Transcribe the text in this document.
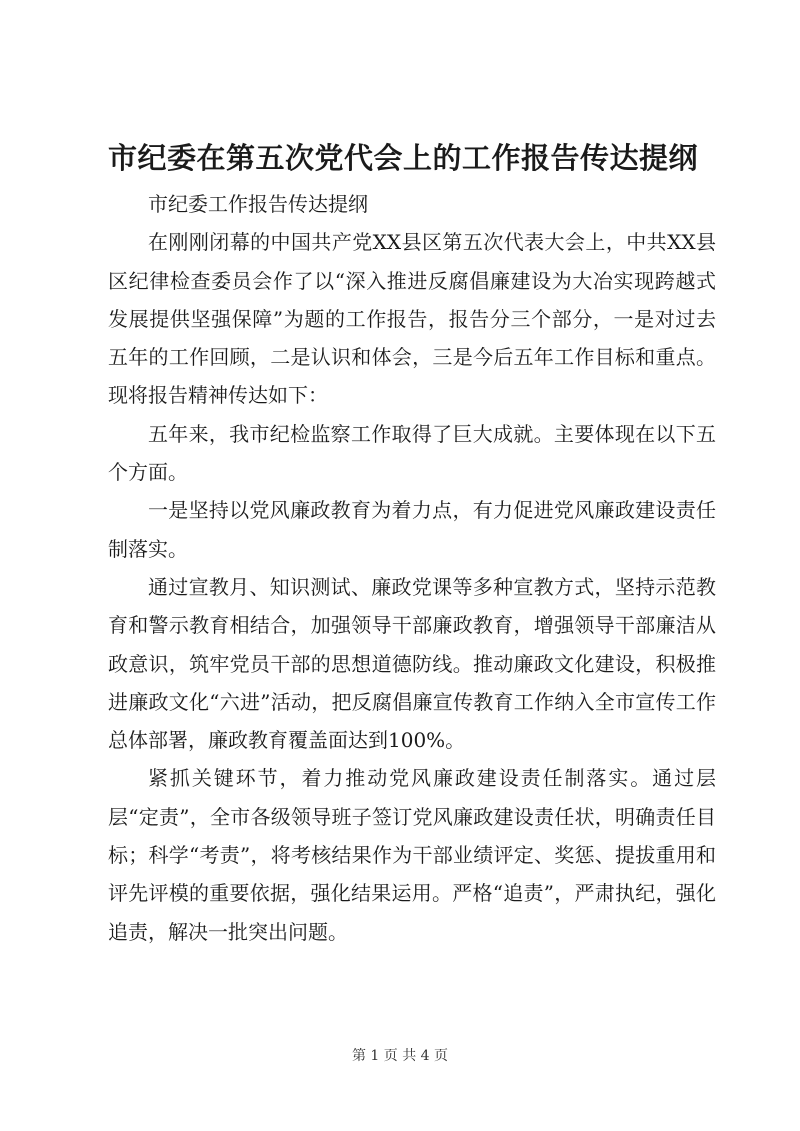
市纪委在第五次党代会上的工作报告传达提纲

市纪委工作报告传达提纲

在刚刚闭幕的中国共产党XX县区第五次代表大会上，中共XX县区纪律检查委员会作了以“深入推进反腐倡廉建设为大冶实现跨越式发展提供坚强保障”为题的工作报告，报告分三个部分，一是对过去五年的工作回顾，二是认识和体会，三是今后五年工作目标和重点。现将报告精神传达如下：

五年来，我市纪检监察工作取得了巨大成就。主要体现在以下五个方面。

一是坚持以党风廉政教育为着力点，有力促进党风廉政建设责任制落实。

通过宣教月、知识测试、廉政党课等多种宣教方式，坚持示范教育和警示教育相结合，加强领导干部廉政教育，增强领导干部廉洁从政意识，筑牢党员干部的思想道德防线。推动廉政文化建设，积极推进廉政文化“六进”活动，把反腐倡廉宣传教育工作纳入全市宣传工作总体部署，廉政教育覆盖面达到100%。

紧抓关键环节，着力推动党风廉政建设责任制落实。通过层层“定责”，全市各级领导班子签订党风廉政建设责任状，明确责任目标；科学“考责”，将考核结果作为干部业绩评定、奖惩、提拔重用和评先评模的重要依据，强化结果运用。严格“追责”，严肃执纪，强化追责，解决一批突出问题。

第 1 页 共 4 页
